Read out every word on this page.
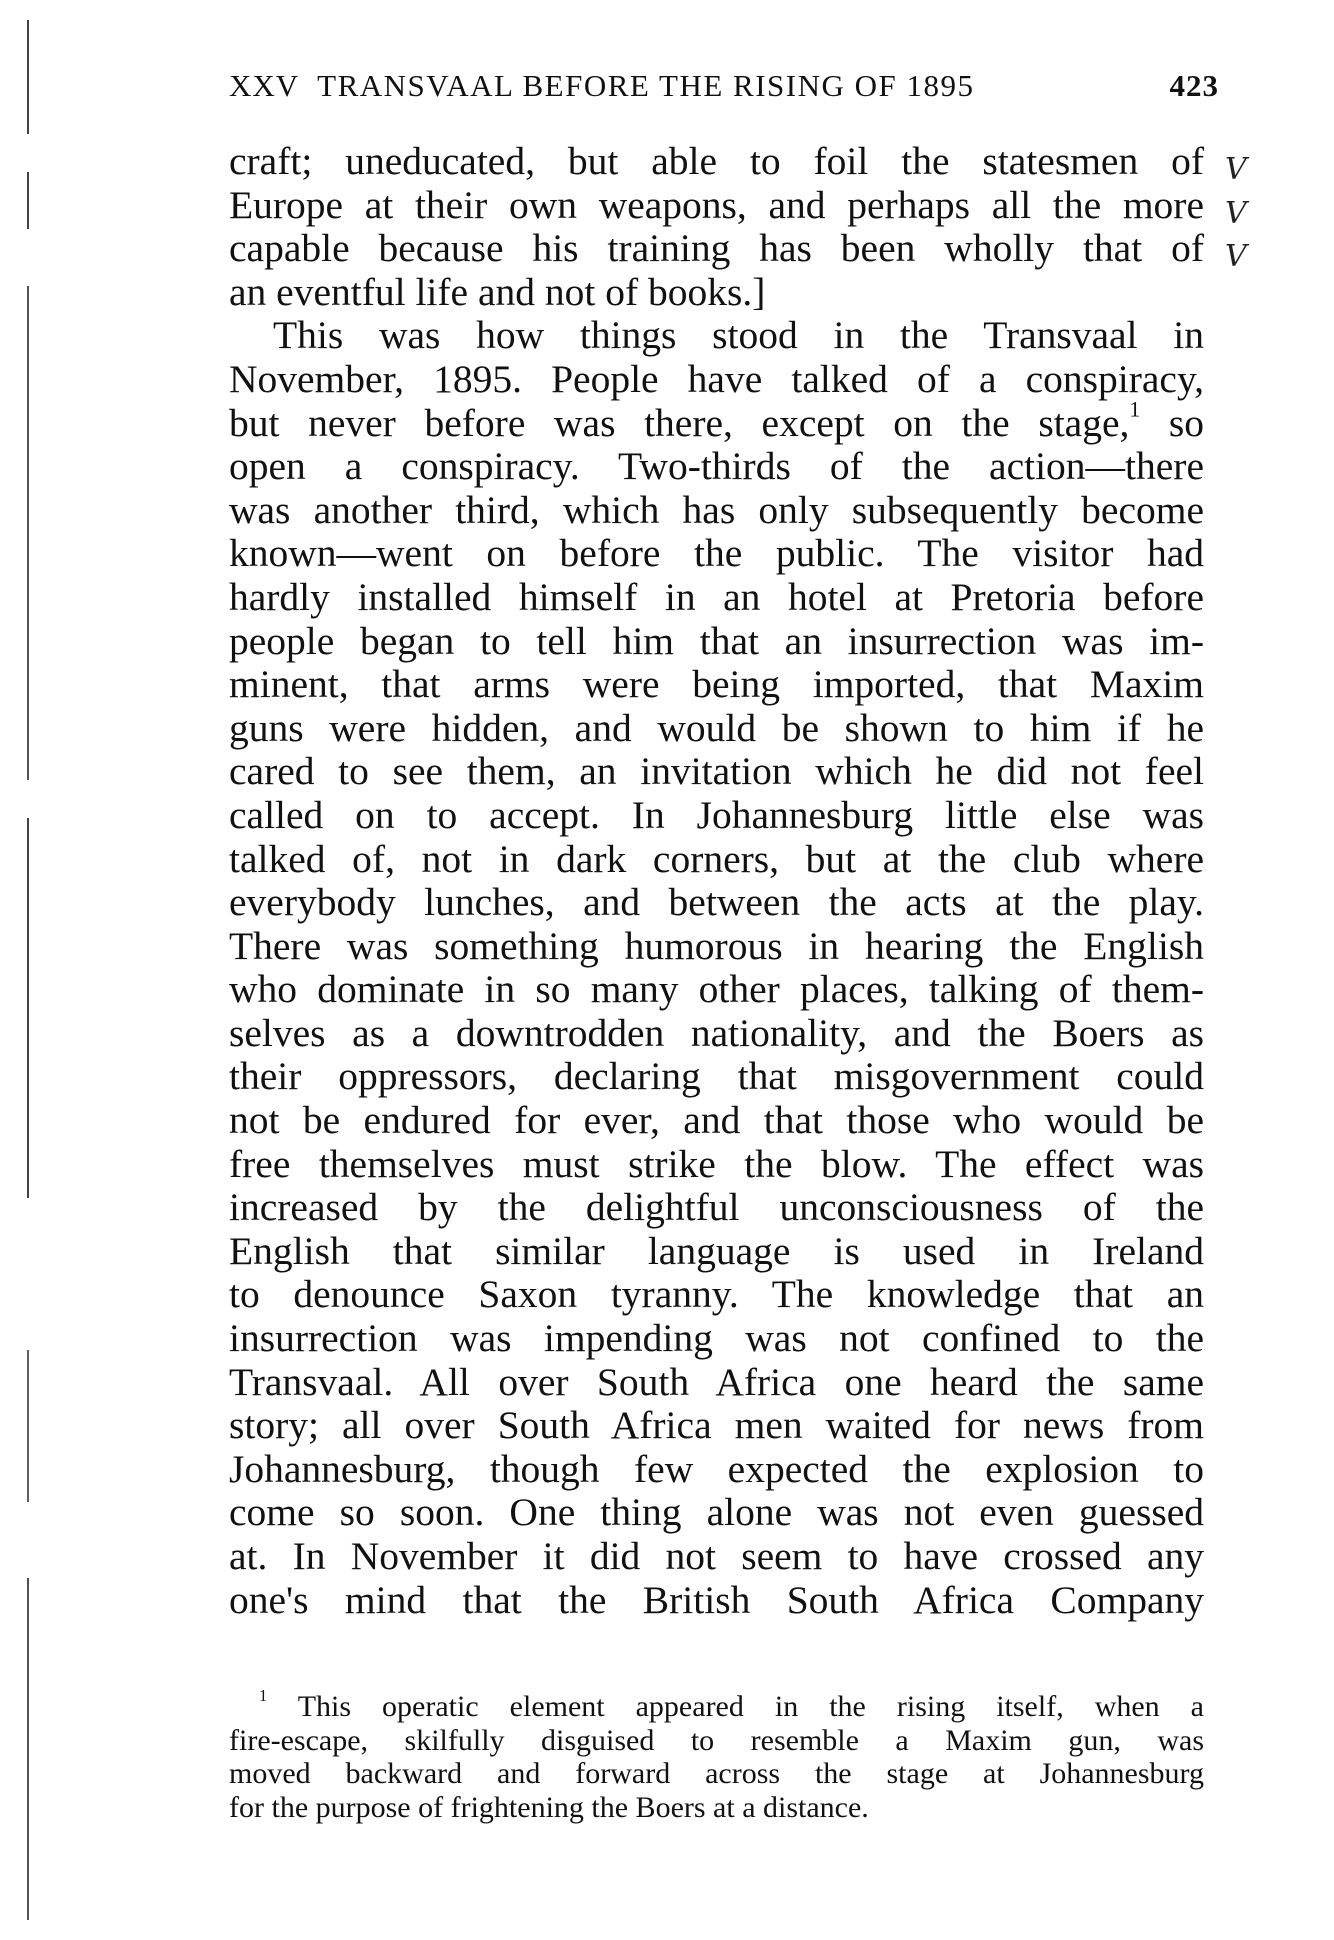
XXV TRANSVAAL BEFORE THE RISING OF 1895	423
craft; uneducated, but able to foil the statesmen of
Europe at their own weapons, and perhaps all the more
capable because his training has been wholly that of
an eventful life and not of books.]
This was how things stood in the Transvaal in
November, 1895. People have talked of a conspiracy,
but never before was there, except on the stage,$^1$ so
open a conspiracy. Two-thirds of the action—there
was another third, which has only subsequently become
known—went on before the public. The visitor had
hardly installed himself in an hotel at Pretoria before
people began to tell him that an insurrection was im-
minent, that arms were being imported, that Maxim
guns were hidden, and would be shown to him if he
cared to see them, an invitation which he did not feel
called on to accept. In Johannesburg little else was
talked of, not in dark corners, but at the club where
everybody lunches, and between the acts at the play.
There was something humorous in hearing the English
who dominate in so many other places, talking of them-
selves as a downtrodden nationality, and the Boers as
their oppressors, declaring that misgovernment could
not be endured for ever, and that those who would be
free themselves must strike the blow. The effect was
increased by the delightful unconsciousness of the
English that similar language is used in Ireland
to denounce Saxon tyranny. The knowledge that an
insurrection was impending was not confined to the
Transvaal. All over South Africa one heard the same
story; all over South Africa men waited for news from
Johannesburg, though few expected the explosion to
come so soon. One thing alone was not even guessed
at. In November it did not seem to have crossed any
one's mind that the British South Africa Company
V
V
V
$^1$ This operatic element appeared in the rising itself, when a
fire-escape, skilfully disguised to resemble a Maxim gun, was
moved backward and forward across the stage at Johannesburg
for the purpose of frightening the Boers at a distance.
